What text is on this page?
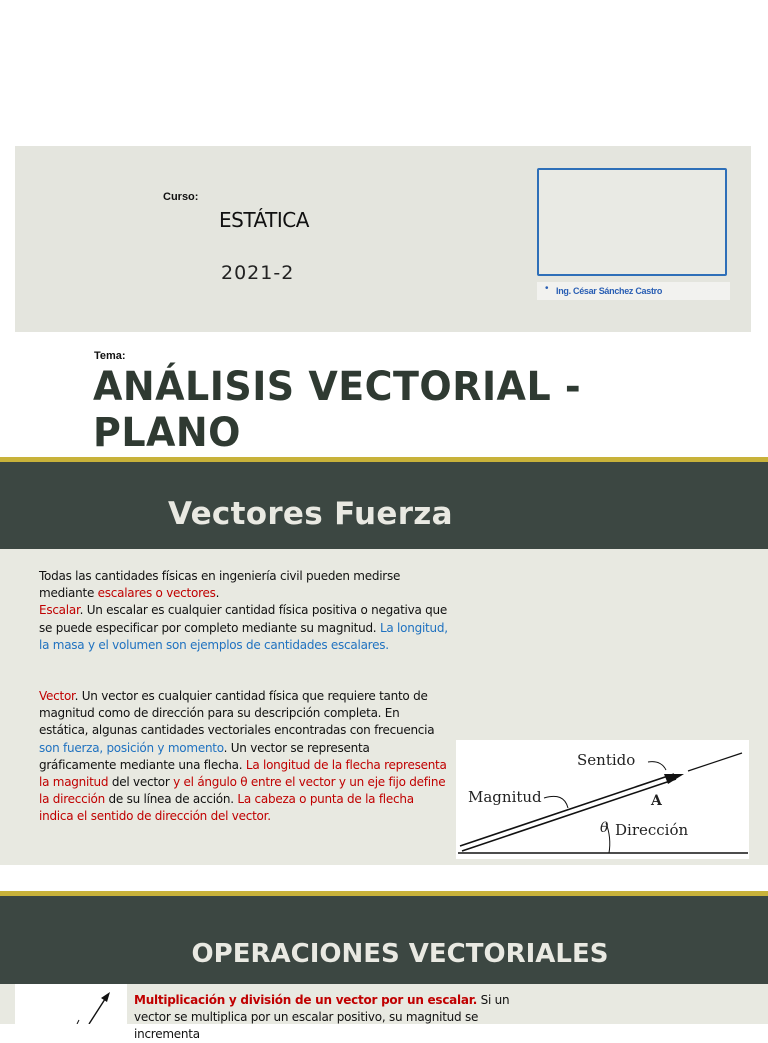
Curso:
ESTÁTICA
2021-2
• Ing. César Sánchez Castro
Tema:
ANÁLISIS VECTORIAL - PLANO
Vectores Fuerza
Todas las cantidades físicas en ingeniería civil pueden medirse mediante escalares o vectores.
Escalar. Un escalar es cualquier cantidad física positiva o negativa que se puede especificar por completo mediante su magnitud. La longitud, la masa y el volumen son ejemplos de cantidades escalares.
Vector. Un vector es cualquier cantidad física que requiere tanto de magnitud como de dirección para su descripción completa. En estática, algunas cantidades vectoriales encontradas con frecuencia son fuerza, posición y momento. Un vector se representa gráficamente mediante una flecha. La longitud de la flecha representa la magnitud del vector y el ángulo θ entre el vector y un eje fijo define la dirección de su línea de acción. La cabeza o punta de la flecha indica el sentido de dirección del vector.
Sentido
Magnitud	A
θ Dirección
OPERACIONES VECTORIALES
Multiplicación y división de un vector por un escalar. Si un vector se multiplica por un escalar positivo, su magnitud se incrementa
